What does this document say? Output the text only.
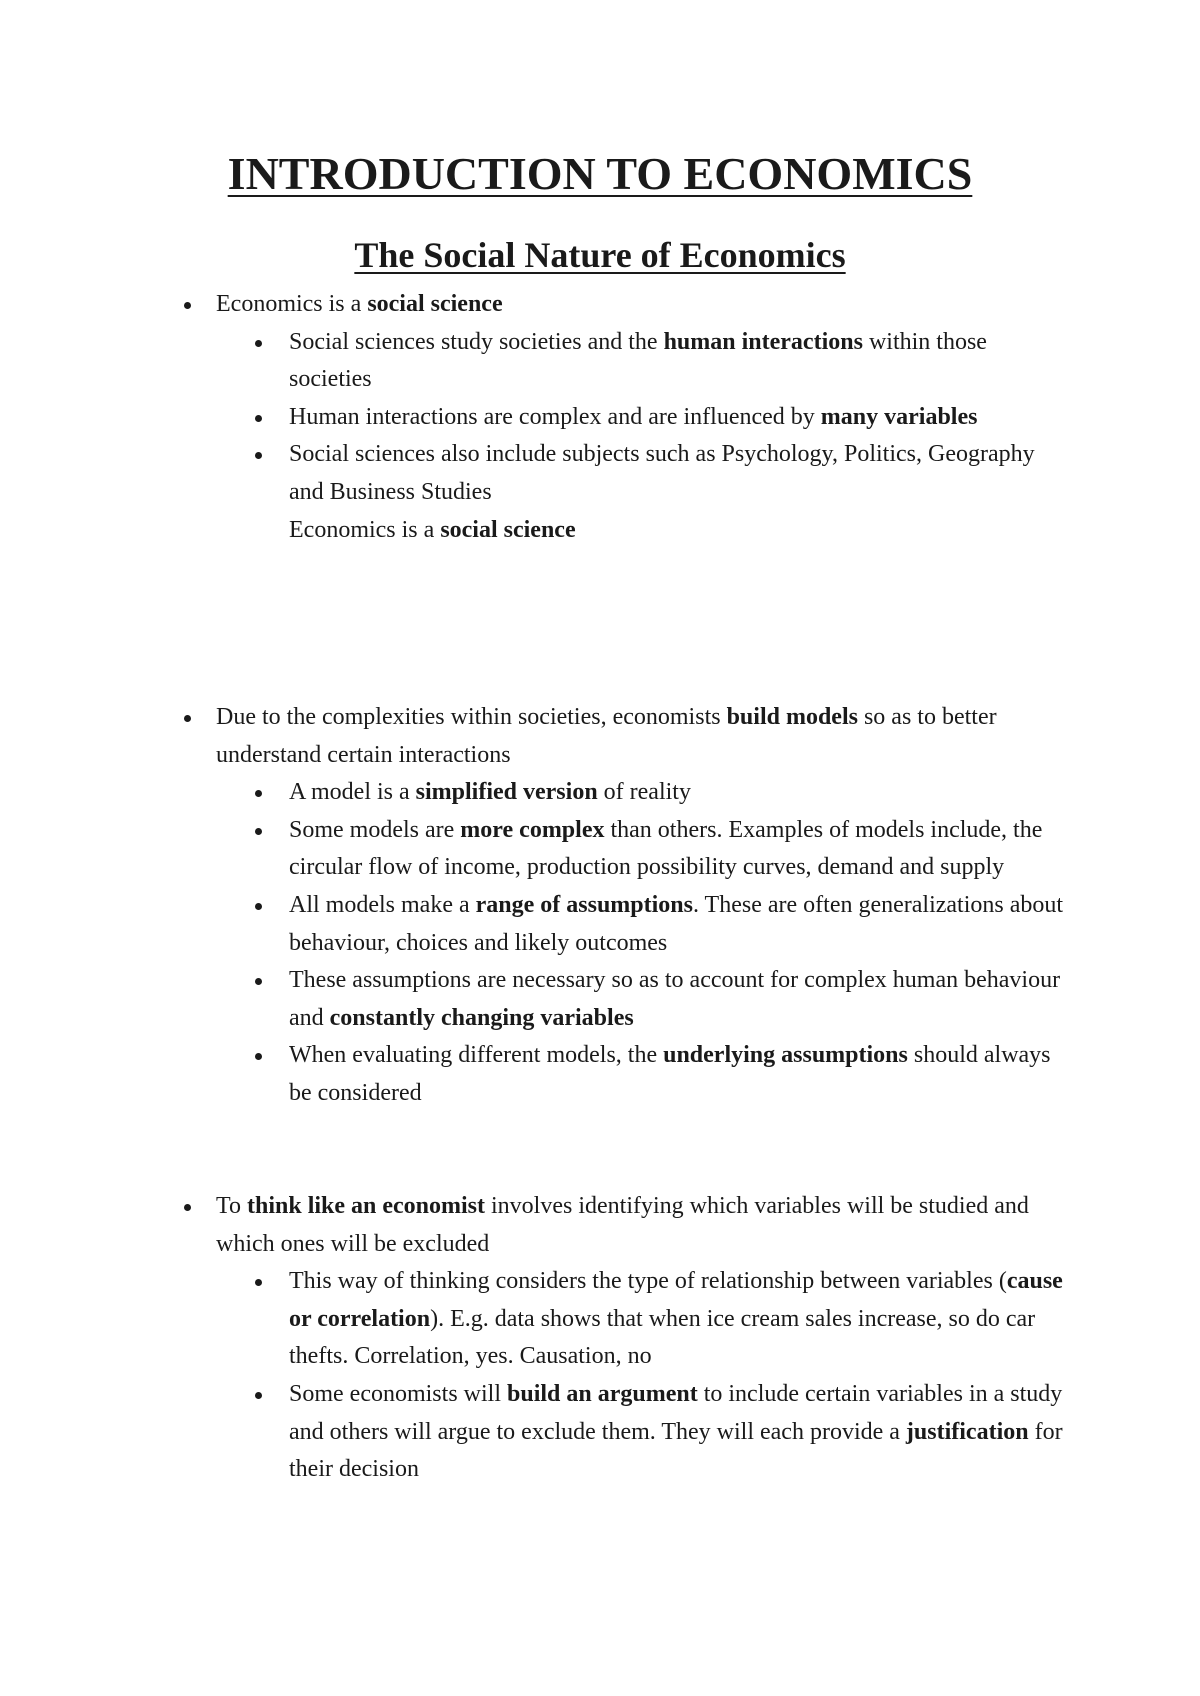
INTRODUCTION TO ECONOMICS
The Social Nature of Economics
Economics is a social science
Social sciences study societies and the human interactions within those societies
Human interactions are complex and are influenced by many variables
Social sciences also include subjects such as Psychology, Politics, Geography and Business Studies
Economics is a social science
Due to the complexities within societies, economists build models so as to better understand certain interactions
A model is a simplified version of reality
Some models are more complex than others. Examples of models include, the circular flow of income, production possibility curves, demand and supply
All models make a range of assumptions. These are often generalizations about behaviour, choices and likely outcomes
These assumptions are necessary so as to account for complex human behaviour and constantly changing variables
When evaluating different models, the underlying assumptions should always be considered
To think like an economist involves identifying which variables will be studied and which ones will be excluded
This way of thinking considers the type of relationship between variables (cause or correlation). E.g. data shows that when ice cream sales increase, so do car thefts. Correlation, yes. Causation, no
Some economists will build an argument to include certain variables in a study and others will argue to exclude them. They will each provide a justification for their decision
